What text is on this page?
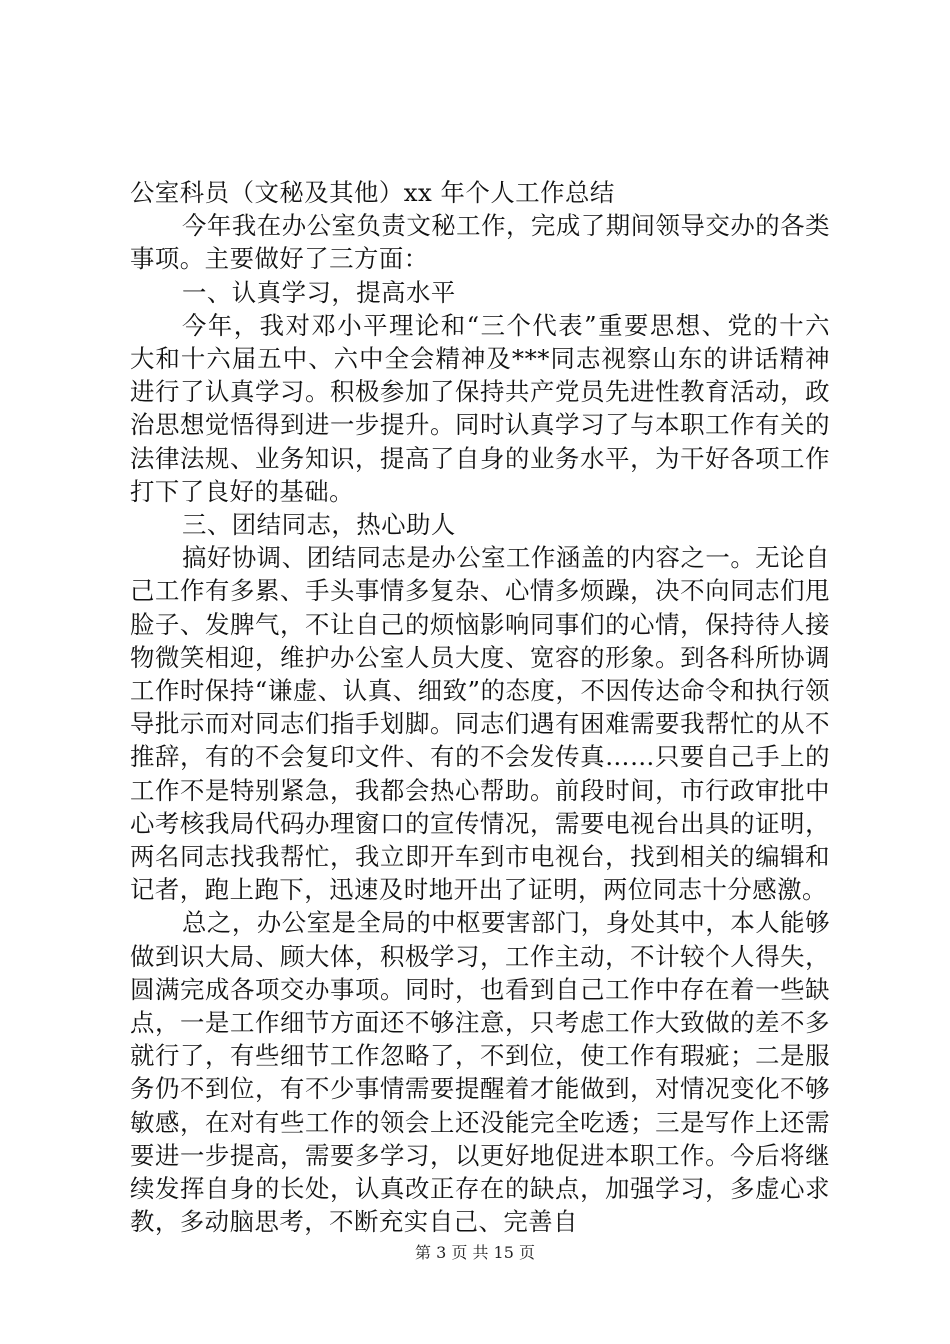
公室科员（文秘及其他）xx 年个人工作总结

今年我在办公室负责文秘工作，完成了期间领导交办的各类事项。主要做好了三方面：

一、认真学习，提高水平

今年，我对邓小平理论和“三个代表”重要思想、党的十六大和十六届五中、六中全会精神及***同志视察山东的讲话精神进行了认真学习。积极参加了保持共产党员先进性教育活动，政治思想觉悟得到进一步提升。同时认真学习了与本职工作有关的法律法规、业务知识，提高了自身的业务水平，为干好各项工作打下了良好的基础。

三、团结同志，热心助人

搞好协调、团结同志是办公室工作涵盖的内容之一。无论自己工作有多累、手头事情多复杂、心情多烦躁，决不向同志们甩脸子、发脾气，不让自己的烦恼影响同事们的心情，保持待人接物微笑相迎，维护办公室人员大度、宽容的形象。到各科所协调工作时保持“谦虚、认真、细致”的态度，不因传达命令和执行领导批示而对同志们指手划脚。同志们遇有困难需要我帮忙的从不推辞，有的不会复印文件、有的不会发传真……只要自己手上的工作不是特别紧急，我都会热心帮助。前段时间，市行政审批中心考核我局代码办理窗口的宣传情况，需要电视台出具的证明，两名同志找我帮忙，我立即开车到市电视台，找到相关的编辑和记者，跑上跑下，迅速及时地开出了证明，两位同志十分感激。

总之，办公室是全局的中枢要害部门，身处其中，本人能够做到识大局、顾大体，积极学习，工作主动，不计较个人得失，圆满完成各项交办事项。同时，也看到自己工作中存在着一些缺点，一是工作细节方面还不够注意，只考虑工作大致做的差不多就行了，有些细节工作忽略了，不到位，使工作有瑕疵；二是服务仍不到位，有不少事情需要提醒着才能做到，对情况变化不够敏感，在对有些工作的领会上还没能完全吃透；三是写作上还需要进一步提高，需要多学习，以更好地促进本职工作。今后将继续发挥自身的长处，认真改正存在的缺点，加强学习，多虚心求教，多动脑思考，不断充实自己、完善自

第 3 页 共 15 页
